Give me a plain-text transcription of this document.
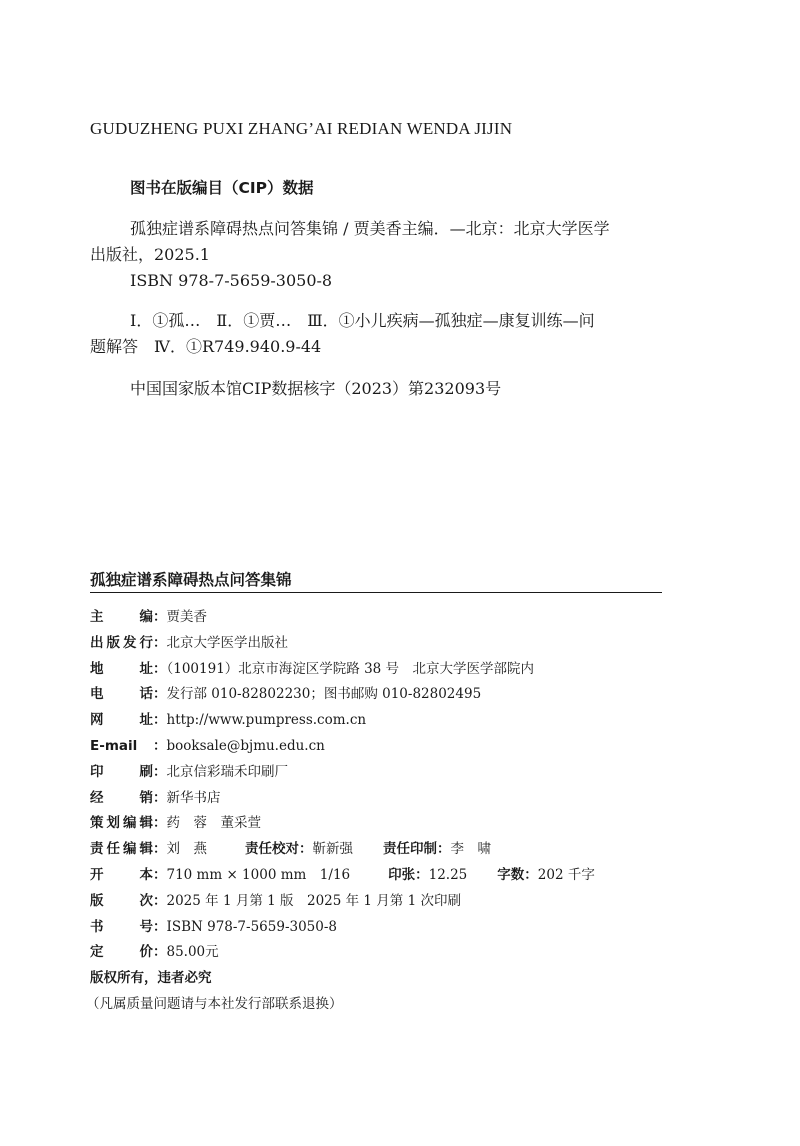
GUDUZHENG PUXI ZHANG’AI REDIAN WENDA JIJIN
图书在版编目（CIP）数据
孤独症谱系障碍热点问答集锦 / 贾美香主编．—北京：北京大学医学
出版社，2025.1
ISBN 978-7-5659-3050-8
Ⅰ．①孤…　Ⅱ．①贾…　Ⅲ．①小儿疾病—孤独症—康复训练—问
题解答　Ⅳ．①R749.940.9-44
中国国家版本馆CIP数据核字（2023）第232093号
孤独症谱系障碍热点问答集锦
主编：贾美香
出版发行：北京大学医学出版社
地址：（100191）北京市海淀区学院路 38 号　北京大学医学部院内
电话：发行部 010-82802230；图书邮购 010-82802495
网址：http://www.pumpress.com.cn
E-mail ：booksale@bjmu.edu.cn
印刷：北京信彩瑞禾印刷厂
经销：新华书店
策划编辑：药　蓉　董采萱
责任编辑：刘　燕	责任校对：靳新强 责任印制：李　啸
开本：710 mm × 1000 mm　1/16	印张：12.25 字数：202 千字
版次：2025 年 1 月第 1 版　2025 年 1 月第 1 次印刷
书号：ISBN 978-7-5659-3050-8
定价：85.00元
版权所有，违者必究
（凡属质量问题请与本社发行部联系退换）
